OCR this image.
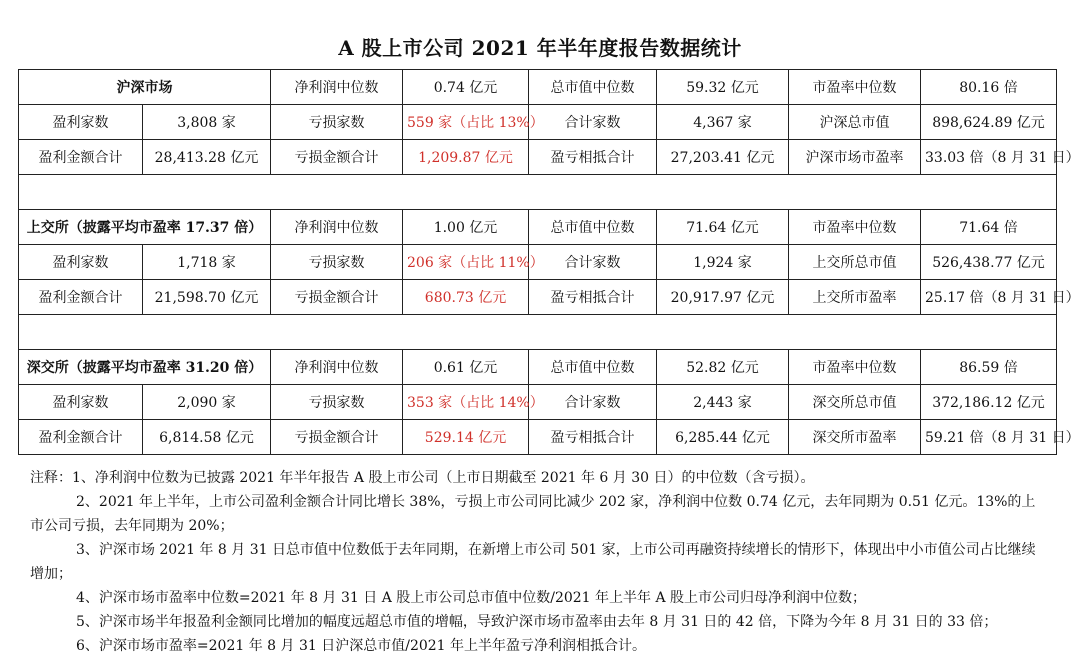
A 股上市公司 2021 年半年度报告数据统计
沪深市场		净利润中位数	0.74 亿元	总市值中位数	59.32 亿元	市盈率中位数	80.16 倍
盈利家数	3,808 家	亏损家数	559 家（占比 13%）	合计家数	4,367 家	沪深总市值	898,624.89 亿元
盈利金额合计	28,413.28 亿元	亏损金额合计	1,209.87 亿元	盈亏相抵合计	27,203.41 亿元	沪深市场市盈率	33.03 倍（8 月 31 日）

上交所（披露平均市盈率 17.37 倍）		净利润中位数	1.00 亿元	总市值中位数	71.64 亿元	市盈率中位数	71.64 倍
盈利家数	1,718 家	亏损家数	206 家（占比 11%）	合计家数	1,924 家	上交所总市值	526,438.77 亿元
盈利金额合计	21,598.70 亿元	亏损金额合计	680.73 亿元	盈亏相抵合计	20,917.97 亿元	上交所市盈率	25.17 倍（8 月 31 日）

深交所（披露平均市盈率 31.20 倍）		净利润中位数	0.61 亿元	总市值中位数	52.82 亿元	市盈率中位数	86.59 倍
盈利家数	2,090 家	亏损家数	353 家（占比 14%）	合计家数	2,443 家	深交所总市值	372,186.12 亿元
盈利金额合计	6,814.58 亿元	亏损金额合计	529.14 亿元	盈亏相抵合计	6,285.44 亿元	深交所市盈率	59.21 倍（8 月 31 日）

注释：1、净利润中位数为已披露 2021 年半年报告 A 股上市公司（上市日期截至 2021 年 6 月 30 日）的中位数（含亏损）。

2、2021 年上半年，上市公司盈利金额合计同比增长 38%，亏损上市公司同比减少 202 家，净利润中位数 0.74 亿元，去年同期为 0.51 亿元。13%的上市公司亏损，去年同期为 20%；

3、沪深市场 2021 年 8 月 31 日总市值中位数低于去年同期，在新增上市公司 501 家，上市公司再融资持续增长的情形下，体现出中小市值公司占比继续增加；

4、沪深市场市盈率中位数=2021 年 8 月 31 日 A 股上市公司总市值中位数/2021 年上半年 A 股上市公司归母净利润中位数；

5、沪深市场半年报盈利金额同比增加的幅度远超总市值的增幅，导致沪深市场市盈率由去年 8 月 31 日的 42 倍，下降为今年 8 月 31 日的 33 倍；

6、沪深市场市盈率=2021 年 8 月 31 日沪深总市值/2021 年上半年盈亏净利润相抵合计。
